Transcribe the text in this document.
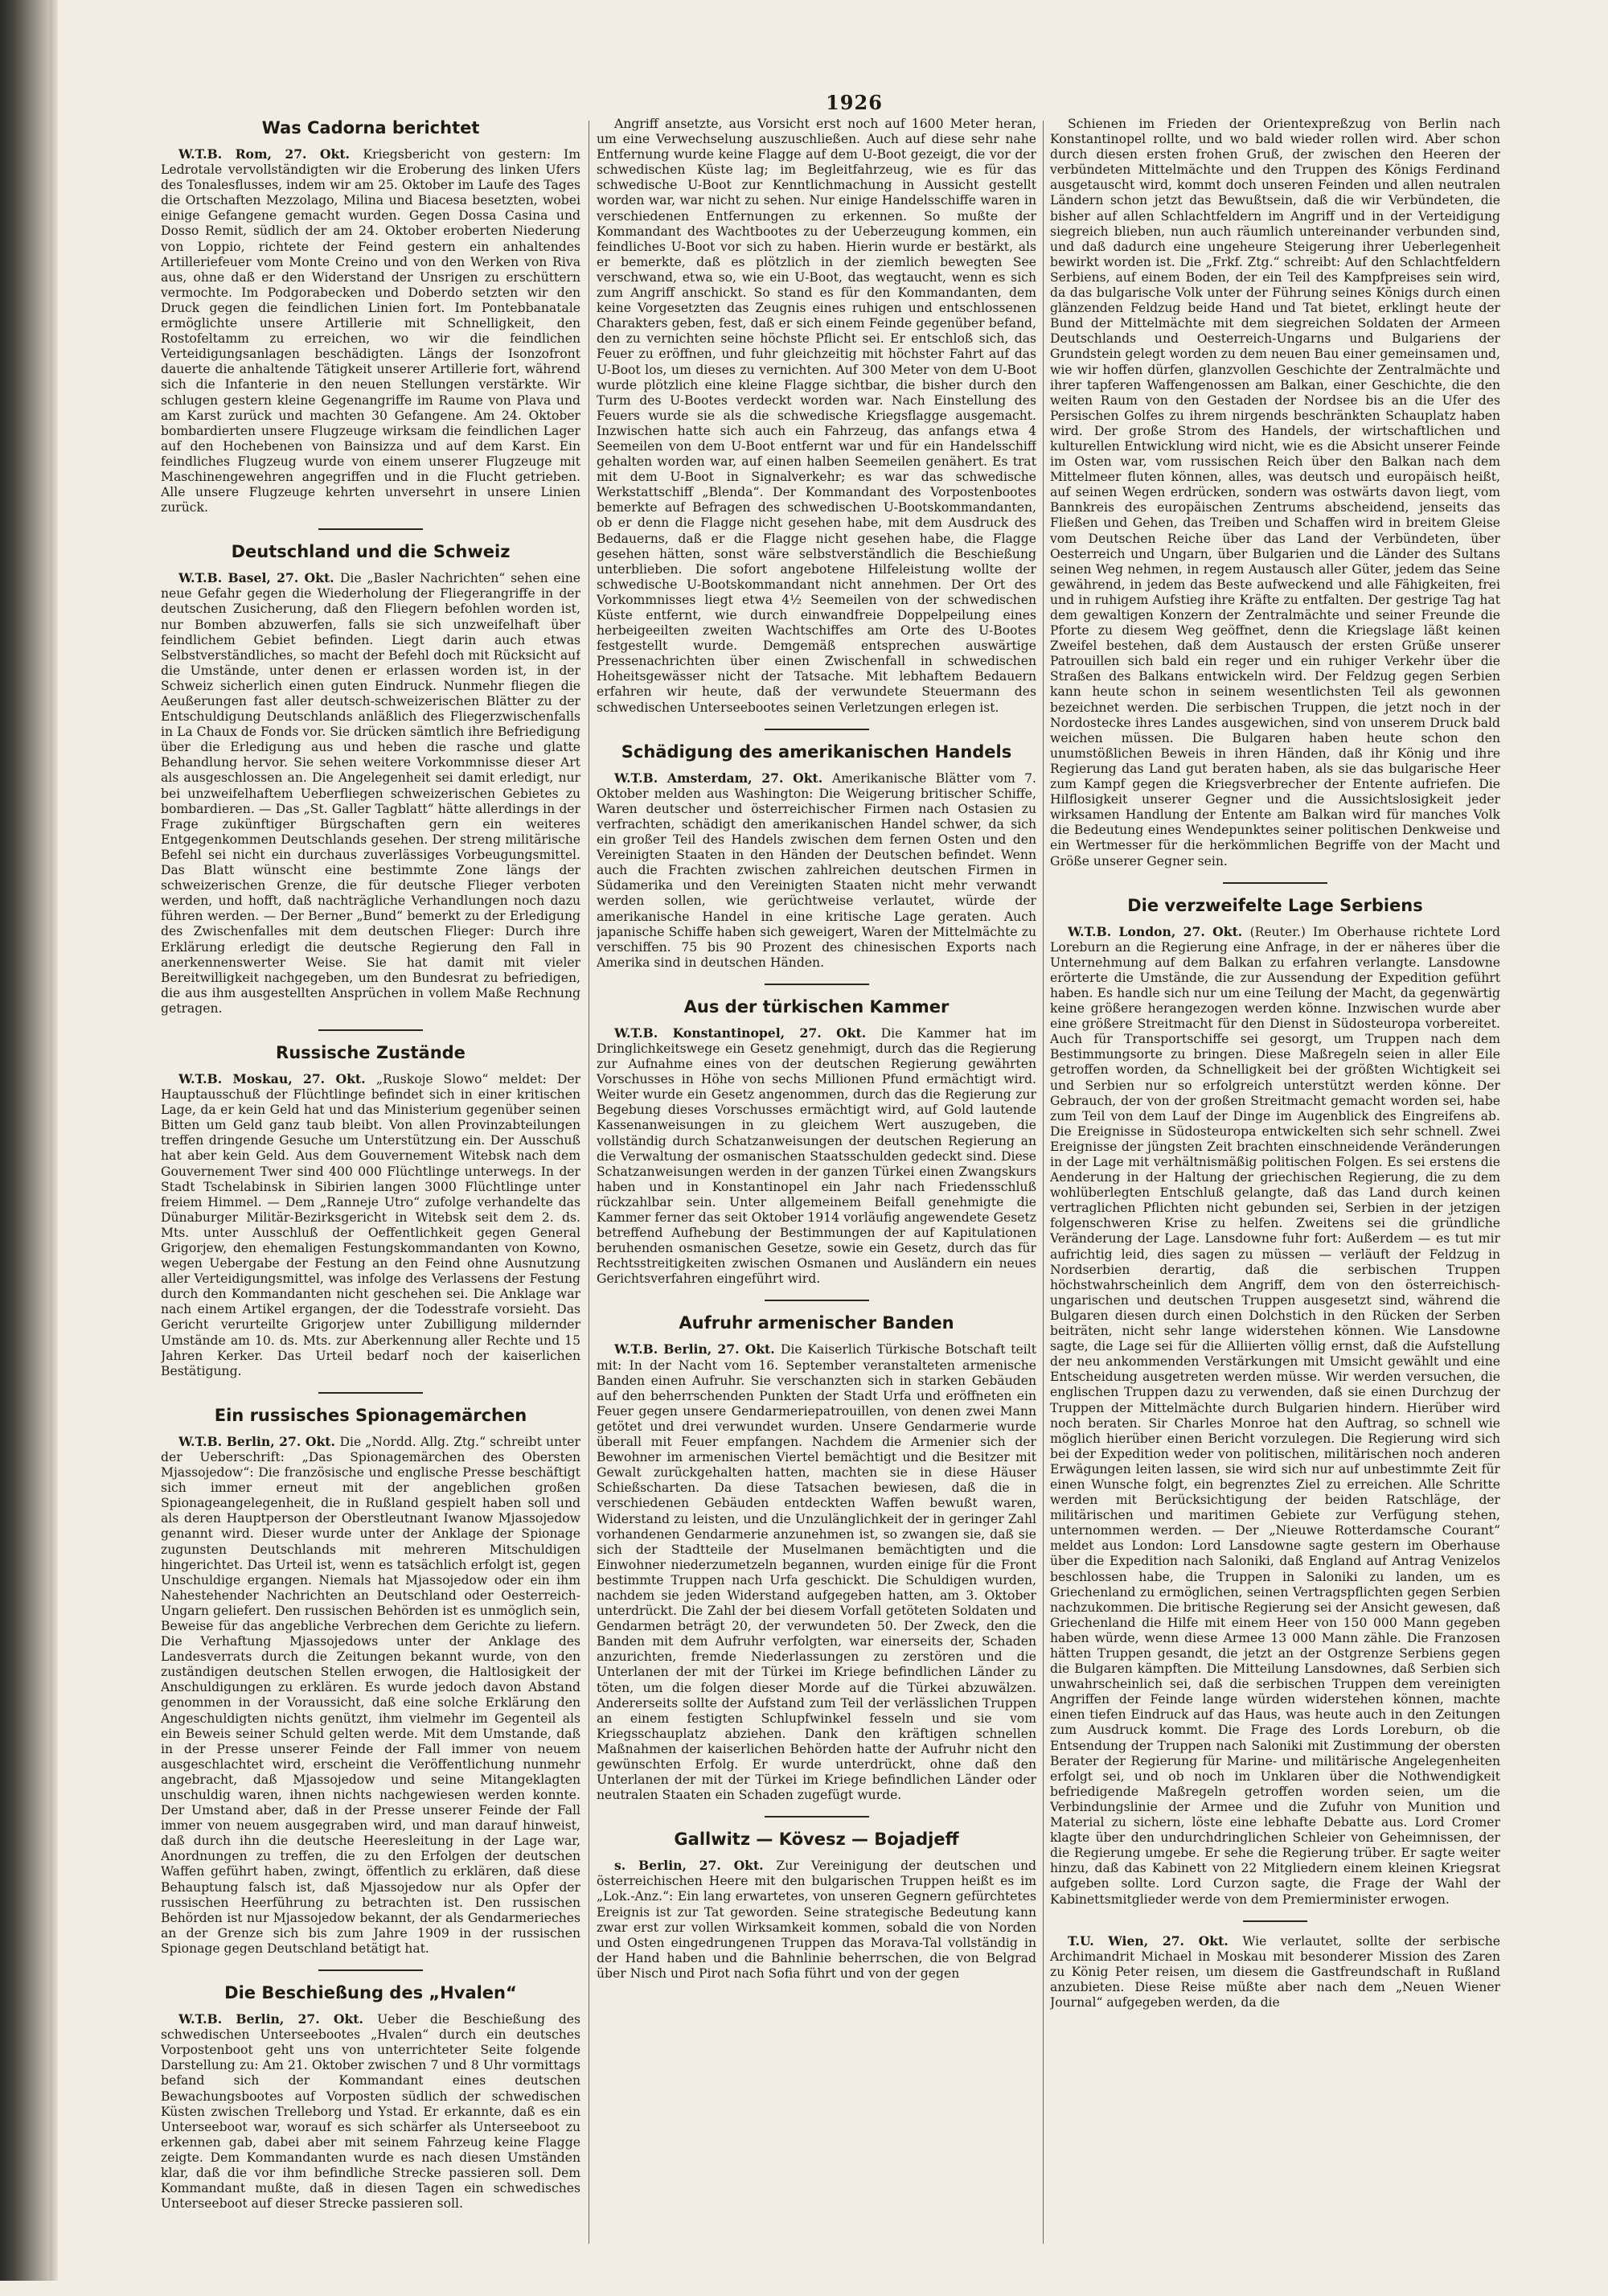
1926
Was Cadorna berichtet
W.T.B. Rom, 27. Okt. Kriegsbericht von gestern: Im Ledrotale vervollständigten wir die Eroberung des linken Ufers des Tonalesflusses, indem wir am 25. Oktober im Laufe des Tages die Ortschaften Mezzolago, Milina und Biacesa besetzten, wobei einige Gefangene gemacht wurden. Gegen Dossa Casina und Dosso Remit, südlich der am 24. Oktober eroberten Niederung von Loppio, richtete der Feind gestern ein anhaltendes Artilleriefeuer vom Monte Creino und von den Werken von Riva aus, ohne daß er den Widerstand der Unsrigen zu erschüttern vermochte. Im Podgorabecken und Doberdo setzten wir den Druck gegen die feindlichen Linien fort. Im Pontebbanatale ermöglichte unsere Artillerie mit Schnelligkeit, den Rostofeltamm zu erreichen, wo wir die feindlichen Verteidigungsanlagen beschädigten. Längs der Isonzofront dauerte die anhaltende Tätigkeit unserer Artillerie fort, während sich die Infanterie in den neuen Stellungen verstärkte. Wir schlugen gestern kleine Gegenangriffe im Raume von Plava und am Karst zurück und machten 30 Gefangene. Am 24. Oktober bombardierten unsere Flugzeuge wirksam die feindlichen Lager auf den Hochebenen von Bainsizza und auf dem Karst. Ein feindliches Flugzeug wurde von einem unserer Flugzeuge mit Maschinengewehren angegriffen und in die Flucht getrieben. Alle unsere Flugzeuge kehrten unversehrt in unsere Linien zurück.
Deutschland und die Schweiz
W.T.B. Basel, 27. Okt. Die „Basler Nachrichten“ sehen eine neue Gefahr gegen die Wiederholung der Fliegerangriffe in der deutschen Zusicherung, daß den Fliegern befohlen worden ist, nur Bomben abzuwerfen, falls sie sich unzweifelhaft über feindlichem Gebiet befinden. Liegt darin auch etwas Selbstverständliches, so macht der Befehl doch mit Rücksicht auf die Umstände, unter denen er erlassen worden ist, in der Schweiz sicherlich einen guten Eindruck. Nunmehr fliegen die Aeußerungen fast aller deutsch-schweizerischen Blätter zu der Entschuldigung Deutschlands anläßlich des Fliegerzwischenfalls in La Chaux de Fonds vor. Sie drücken sämtlich ihre Befriedigung über die Erledigung aus und heben die rasche und glatte Behandlung hervor. Sie sehen weitere Vorkommnisse dieser Art als ausgeschlossen an. Die Angelegenheit sei damit erledigt, nur bei unzweifelhaftem Ueberfliegen schweizerischen Gebietes zu bombardieren. — Das „St. Galler Tagblatt“ hätte allerdings in der Frage zukünftiger Bürgschaften gern ein weiteres Entgegenkommen Deutschlands gesehen. Der streng militärische Befehl sei nicht ein durchaus zuverlässiges Vorbeugungsmittel. Das Blatt wünscht eine bestimmte Zone längs der schweizerischen Grenze, die für deutsche Flieger verboten werden, und hofft, daß nachträgliche Verhandlungen noch dazu führen werden. — Der Berner „Bund“ bemerkt zu der Erledigung des Zwischenfalles mit dem deutschen Flieger: Durch ihre Erklärung erledigt die deutsche Regierung den Fall in anerkennenswerter Weise. Sie hat damit mit vieler Bereitwilligkeit nachgegeben, um den Bundesrat zu befriedigen, die aus ihm ausgestellten Ansprüchen in vollem Maße Rechnung getragen.
Russische Zustände
W.T.B. Moskau, 27. Okt. „Ruskoje Slowo“ meldet: Der Hauptausschuß der Flüchtlinge befindet sich in einer kritischen Lage, da er kein Geld hat und das Ministerium gegenüber seinen Bitten um Geld ganz taub bleibt. Von allen Provinzabteilungen treffen dringende Gesuche um Unterstützung ein. Der Ausschuß hat aber kein Geld. Aus dem Gouvernement Witebsk nach dem Gouvernement Twer sind 400 000 Flüchtlinge unterwegs. In der Stadt Tschelabinsk in Sibirien langen 3000 Flüchtlinge unter freiem Himmel. — Dem „Ranneje Utro“ zufolge verhandelte das Dünaburger Militär-Bezirksgericht in Witebsk seit dem 2. ds. Mts. unter Ausschluß der Oeffentlichkeit gegen General Grigorjew, den ehemaligen Festungskommandanten von Kowno, wegen Uebergabe der Festung an den Feind ohne Ausnutzung aller Verteidigungsmittel, was infolge des Verlassens der Festung durch den Kommandanten nicht geschehen sei. Die Anklage war nach einem Artikel ergangen, der die Todesstrafe vorsieht. Das Gericht verurteilte Grigorjew unter Zubilligung mildernder Umstände am 10. ds. Mts. zur Aberkennung aller Rechte und 15 Jahren Kerker. Das Urteil bedarf noch der kaiserlichen Bestätigung.
Ein russisches Spionagemärchen
W.T.B. Berlin, 27. Okt. Die „Nordd. Allg. Ztg.“ schreibt unter der Ueberschrift: „Das Spionagemärchen des Obersten Mjassojedow“: Die französische und englische Presse beschäftigt sich immer erneut mit der angeblichen großen Spionageangelegenheit, die in Rußland gespielt haben soll und als deren Hauptperson der Oberstleutnant Iwanow Mjassojedow genannt wird. Dieser wurde unter der Anklage der Spionage zugunsten Deutschlands mit mehreren Mitschuldigen hingerichtet. Das Urteil ist, wenn es tatsächlich erfolgt ist, gegen Unschuldige ergangen. Niemals hat Mjassojedow oder ein ihm Nahestehender Nachrichten an Deutschland oder Oesterreich-Ungarn geliefert. Den russischen Behörden ist es unmöglich sein, Beweise für das angebliche Verbrechen dem Gerichte zu liefern. Die Verhaftung Mjassojedows unter der Anklage des Landesverrats durch die Zeitungen bekannt wurde, von den zuständigen deutschen Stellen erwogen, die Haltlosigkeit der Anschuldigungen zu erklären. Es wurde jedoch davon Abstand genommen in der Voraussicht, daß eine solche Erklärung den Angeschuldigten nichts genützt, ihm vielmehr im Gegenteil als ein Beweis seiner Schuld gelten werde. Mit dem Umstande, daß in der Presse unserer Feinde der Fall immer von neuem ausgeschlachtet wird, erscheint die Veröffentlichung nunmehr angebracht, daß Mjassojedow und seine Mitangeklagten unschuldig waren, ihnen nichts nachgewiesen werden konnte. Der Umstand aber, daß in der Presse unserer Feinde der Fall immer von neuem ausgegraben wird, und man darauf hinweist, daß durch ihn die deutsche Heeresleitung in der Lage war, Anordnungen zu treffen, die zu den Erfolgen der deutschen Waffen geführt haben, zwingt, öffentlich zu erklären, daß diese Behauptung falsch ist, daß Mjassojedow nur als Opfer der russischen Heerführung zu betrachten ist. Den russischen Behörden ist nur Mjassojedow bekannt, der als Gendarmerieches an der Grenze sich bis zum Jahre 1909 in der russischen Spionage gegen Deutschland betätigt hat.
Die Beschießung des „Hvalen“
W.T.B. Berlin, 27. Okt. Ueber die Beschießung des schwedischen Unterseebootes „Hvalen“ durch ein deutsches Vorpostenboot geht uns von unterrichteter Seite folgende Darstellung zu: Am 21. Oktober zwischen 7 und 8 Uhr vormittags befand sich der Kommandant eines deutschen Bewachungsbootes auf Vorposten südlich der schwedischen Küsten zwischen Trelleborg und Ystad. Er erkannte, daß es ein Unterseeboot war, worauf es sich schärfer als Unterseeboot zu erkennen gab, dabei aber mit seinem Fahrzeug keine Flagge zeigte. Dem Kommandanten wurde es nach diesen Umständen klar, daß die vor ihm befindliche Strecke passieren soll. Dem Kommandant mußte, daß in diesen Tagen ein schwedisches Unterseeboot auf dieser Strecke passieren soll.
Angriff ansetzte, aus Vorsicht erst noch auf 1600 Meter heran, um eine Verwechselung auszuschließen. Auch auf diese sehr nahe Entfernung wurde keine Flagge auf dem U-Boot gezeigt, die vor der schwedischen Küste lag; im Begleitfahrzeug, wie es für das schwedische U-Boot zur Kenntlichmachung in Aussicht gestellt worden war, war nicht zu sehen. Nur einige Handelsschiffe waren in verschiedenen Entfernungen zu erkennen. So mußte der Kommandant des Wachtbootes zu der Ueberzeugung kommen, ein feindliches U-Boot vor sich zu haben. Hierin wurde er bestärkt, als er bemerkte, daß es plötzlich in der ziemlich bewegten See verschwand, etwa so, wie ein U-Boot, das wegtaucht, wenn es sich zum Angriff anschickt. So stand es für den Kommandanten, dem keine Vorgesetzten das Zeugnis eines ruhigen und entschlossenen Charakters geben, fest, daß er sich einem Feinde gegenüber befand, den zu vernichten seine höchste Pflicht sei. Er entschloß sich, das Feuer zu eröffnen, und fuhr gleichzeitig mit höchster Fahrt auf das U-Boot los, um dieses zu vernichten. Auf 300 Meter von dem U-Boot wurde plötzlich eine kleine Flagge sichtbar, die bisher durch den Turm des U-Bootes verdeckt worden war. Nach Einstellung des Feuers wurde sie als die schwedische Kriegsflagge ausgemacht. Inzwischen hatte sich auch ein Fahrzeug, das anfangs etwa 4 Seemeilen von dem U-Boot entfernt war und für ein Handelsschiff gehalten worden war, auf einen halben Seemeilen genähert. Es trat mit dem U-Boot in Signalverkehr; es war das schwedische Werkstattschiff „Blenda“. Der Kommandant des Vorpostenbootes bemerkte auf Befragen des schwedischen U-Bootskommandanten, ob er denn die Flagge nicht gesehen habe, mit dem Ausdruck des Bedauerns, daß er die Flagge nicht gesehen habe, die Flagge gesehen hätten, sonst wäre selbstverständlich die Beschießung unterblieben. Die sofort angebotene Hilfeleistung wollte der schwedische U-Bootskommandant nicht annehmen. Der Ort des Vorkommnisses liegt etwa 4½ Seemeilen von der schwedischen Küste entfernt, wie durch einwandfreie Doppelpeilung eines herbeigeeilten zweiten Wachtschiffes am Orte des U-Bootes festgestellt wurde. Demgemäß entsprechen auswärtige Pressenachrichten über einen Zwischenfall in schwedischen Hoheitsgewässer nicht der Tatsache. Mit lebhaftem Bedauern erfahren wir heute, daß der verwundete Steuermann des schwedischen Unterseebootes seinen Verletzungen erlegen ist.
Schädigung des amerikanischen Handels
W.T.B. Amsterdam, 27. Okt. Amerikanische Blätter vom 7. Oktober melden aus Washington: Die Weigerung britischer Schiffe, Waren deutscher und österreichischer Firmen nach Ostasien zu verfrachten, schädigt den amerikanischen Handel schwer, da sich ein großer Teil des Handels zwischen dem fernen Osten und den Vereinigten Staaten in den Händen der Deutschen befindet. Wenn auch die Frachten zwischen zahlreichen deutschen Firmen in Südamerika und den Vereinigten Staaten nicht mehr verwandt werden sollen, wie gerüchtweise verlautet, würde der amerikanische Handel in eine kritische Lage geraten. Auch japanische Schiffe haben sich geweigert, Waren der Mittelmächte zu verschiffen. 75 bis 90 Prozent des chinesischen Exports nach Amerika sind in deutschen Händen.
Aus der türkischen Kammer
W.T.B. Konstantinopel, 27. Okt. Die Kammer hat im Dringlichkeitswege ein Gesetz genehmigt, durch das die Regierung zur Aufnahme eines von der deutschen Regierung gewährten Vorschusses in Höhe von sechs Millionen Pfund ermächtigt wird. Weiter wurde ein Gesetz angenommen, durch das die Regierung zur Begebung dieses Vorschusses ermächtigt wird, auf Gold lautende Kassenanweisungen in zu gleichem Wert auszugeben, die vollständig durch Schatzanweisungen der deutschen Regierung an die Verwaltung der osmanischen Staatsschulden gedeckt sind. Diese Schatzanweisungen werden in der ganzen Türkei einen Zwangskurs haben und in Konstantinopel ein Jahr nach Friedensschluß rückzahlbar sein. Unter allgemeinem Beifall genehmigte die Kammer ferner das seit Oktober 1914 vorläufig angewendete Gesetz betreffend Aufhebung der Bestimmungen der auf Kapitulationen beruhenden osmanischen Gesetze, sowie ein Gesetz, durch das für Rechtsstreitigkeiten zwischen Osmanen und Ausländern ein neues Gerichtsverfahren eingeführt wird.
Aufruhr armenischer Banden
W.T.B. Berlin, 27. Okt. Die Kaiserlich Türkische Botschaft teilt mit: In der Nacht vom 16. September veranstalteten armenische Banden einen Aufruhr. Sie verschanzten sich in starken Gebäuden auf den beherrschenden Punkten der Stadt Urfa und eröffneten ein Feuer gegen unsere Gendarmeriepatrouillen, von denen zwei Mann getötet und drei verwundet wurden. Unsere Gendarmerie wurde überall mit Feuer empfangen. Nachdem die Armenier sich der Bewohner im armenischen Viertel bemächtigt und die Besitzer mit Gewalt zurückgehalten hatten, machten sie in diese Häuser Schießscharten. Da diese Tatsachen bewiesen, daß die in verschiedenen Gebäuden entdeckten Waffen bewußt waren, Widerstand zu leisten, und die Unzulänglichkeit der in geringer Zahl vorhandenen Gendarmerie anzunehmen ist, so zwangen sie, daß sie sich der Stadtteile der Muselmanen bemächtigten und die Einwohner niederzumetzeln begannen, wurden einige für die Front bestimmte Truppen nach Urfa geschickt. Die Schuldigen wurden, nachdem sie jeden Widerstand aufgegeben hatten, am 3. Oktober unterdrückt. Die Zahl der bei diesem Vorfall getöteten Soldaten und Gendarmen beträgt 20, der verwundeten 50. Der Zweck, den die Banden mit dem Aufruhr verfolgten, war einerseits der, Schaden anzurichten, fremde Niederlassungen zu zerstören und die Unterlanen der mit der Türkei im Kriege befindlichen Länder zu töten, um die folgen dieser Morde auf die Türkei abzuwälzen. Andererseits sollte der Aufstand zum Teil der verlässlichen Truppen an einem festigten Schlupfwinkel fesseln und sie vom Kriegsschauplatz abziehen. Dank den kräftigen schnellen Maßnahmen der kaiserlichen Behörden hatte der Aufruhr nicht den gewünschten Erfolg. Er wurde unterdrückt, ohne daß den Unterlanen der mit der Türkei im Kriege befindlichen Länder oder neutralen Staaten ein Schaden zugefügt wurde.
Gallwitz — Kövesz — Bojadjeff
s. Berlin, 27. Okt. Zur Vereinigung der deutschen und österreichischen Heere mit den bulgarischen Truppen heißt es im „Lok.-Anz.“: Ein lang erwartetes, von unseren Gegnern gefürchtetes Ereignis ist zur Tat geworden. Seine strategische Bedeutung kann zwar erst zur vollen Wirksamkeit kommen, sobald die von Norden und Osten eingedrungenen Truppen das Morava-Tal vollständig in der Hand haben und die Bahnlinie beherrschen, die von Belgrad über Nisch und Pirot nach Sofia führt und von der gegen
Schienen im Frieden der Orientexpreßzug von Berlin nach Konstantinopel rollte, und wo bald wieder rollen wird. Aber schon durch diesen ersten frohen Gruß, der zwischen den Heeren der verbündeten Mittelmächte und den Truppen des Königs Ferdinand ausgetauscht wird, kommt doch unseren Feinden und allen neutralen Ländern schon jetzt das Bewußtsein, daß die wir Verbündeten, die bisher auf allen Schlachtfeldern im Angriff und in der Verteidigung siegreich blieben, nun auch räumlich untereinander verbunden sind, und daß dadurch eine ungeheure Steigerung ihrer Ueberlegenheit bewirkt worden ist. Die „Frkf. Ztg.“ schreibt: Auf den Schlachtfeldern Serbiens, auf einem Boden, der ein Teil des Kampfpreises sein wird, da das bulgarische Volk unter der Führung seines Königs durch einen glänzenden Feldzug beide Hand und Tat bietet, erklingt heute der Bund der Mittelmächte mit dem siegreichen Soldaten der Armeen Deutschlands und Oesterreich-Ungarns und Bulgariens der Grundstein gelegt worden zu dem neuen Bau einer gemeinsamen und, wie wir hoffen dürfen, glanzvollen Geschichte der Zentralmächte und ihrer tapferen Waffengenossen am Balkan, einer Geschichte, die den weiten Raum von den Gestaden der Nordsee bis an die Ufer des Persischen Golfes zu ihrem nirgends beschränkten Schauplatz haben wird. Der große Strom des Handels, der wirtschaftlichen und kulturellen Entwicklung wird nicht, wie es die Absicht unserer Feinde im Osten war, vom russischen Reich über den Balkan nach dem Mittelmeer fluten können, alles, was deutsch und europäisch heißt, auf seinen Wegen erdrücken, sondern was ostwärts davon liegt, vom Bannkreis des europäischen Zentrums abscheidend, jenseits das Fließen und Gehen, das Treiben und Schaffen wird in breitem Gleise vom Deutschen Reiche über das Land der Verbündeten, über Oesterreich und Ungarn, über Bulgarien und die Länder des Sultans seinen Weg nehmen, in regem Austausch aller Güter, jedem das Seine gewährend, in jedem das Beste aufweckend und alle Fähigkeiten, frei und in ruhigem Aufstieg ihre Kräfte zu entfalten. Der gestrige Tag hat dem gewaltigen Konzern der Zentralmächte und seiner Freunde die Pforte zu diesem Weg geöffnet, denn die Kriegslage läßt keinen Zweifel bestehen, daß dem Austausch der ersten Grüße unserer Patrouillen sich bald ein reger und ein ruhiger Verkehr über die Straßen des Balkans entwickeln wird. Der Feldzug gegen Serbien kann heute schon in seinem wesentlichsten Teil als gewonnen bezeichnet werden. Die serbischen Truppen, die jetzt noch in der Nordostecke ihres Landes ausgewichen, sind von unserem Druck bald weichen müssen. Die Bulgaren haben heute schon den unumstößlichen Beweis in ihren Händen, daß ihr König und ihre Regierung das Land gut beraten haben, als sie das bulgarische Heer zum Kampf gegen die Kriegsverbrecher der Entente aufriefen. Die Hilflosigkeit unserer Gegner und die Aussichtslosigkeit jeder wirksamen Handlung der Entente am Balkan wird für manches Volk die Bedeutung eines Wendepunktes seiner politischen Denkweise und ein Wertmesser für die herkömmlichen Begriffe von der Macht und Größe unserer Gegner sein.
Die verzweifelte Lage Serbiens
W.T.B. London, 27. Okt. (Reuter.) Im Oberhause richtete Lord Loreburn an die Regierung eine Anfrage, in der er näheres über die Unternehmung auf dem Balkan zu erfahren verlangte. Lansdowne erörterte die Umstände, die zur Aussendung der Expedition geführt haben. Es handle sich nur um eine Teilung der Macht, da gegenwärtig keine größere herangezogen werden könne. Inzwischen wurde aber eine größere Streitmacht für den Dienst in Südosteuropa vorbereitet. Auch für Transportschiffe sei gesorgt, um Truppen nach dem Bestimmungsorte zu bringen. Diese Maßregeln seien in aller Eile getroffen worden, da Schnelligkeit bei der größten Wichtigkeit sei und Serbien nur so erfolgreich unterstützt werden könne. Der Gebrauch, der von der großen Streitmacht gemacht worden sei, habe zum Teil von dem Lauf der Dinge im Augenblick des Eingreifens ab. Die Ereignisse in Südosteuropa entwickelten sich sehr schnell. Zwei Ereignisse der jüngsten Zeit brachten einschneidende Veränderungen in der Lage mit verhältnismäßig politischen Folgen. Es sei erstens die Aenderung in der Haltung der griechischen Regierung, die zu dem wohlüberlegten Entschluß gelangte, daß das Land durch keinen vertraglichen Pflichten nicht gebunden sei, Serbien in der jetzigen folgenschweren Krise zu helfen. Zweitens sei die gründliche Veränderung der Lage. Lansdowne fuhr fort: Außerdem — es tut mir aufrichtig leid, dies sagen zu müssen — verläuft der Feldzug in Nordserbien derartig, daß die serbischen Truppen höchstwahrscheinlich dem Angriff, dem von den österreichisch-ungarischen und deutschen Truppen ausgesetzt sind, während die Bulgaren diesen durch einen Dolchstich in den Rücken der Serben beiträten, nicht sehr lange widerstehen können. Wie Lansdowne sagte, die Lage sei für die Alliierten völlig ernst, daß die Aufstellung der neu ankommenden Verstärkungen mit Umsicht gewählt und eine Entscheidung ausgetreten werden müsse. Wir werden versuchen, die englischen Truppen dazu zu verwenden, daß sie einen Durchzug der Truppen der Mittelmächte durch Bulgarien hindern. Hierüber wird noch beraten. Sir Charles Monroe hat den Auftrag, so schnell wie möglich hierüber einen Bericht vorzulegen. Die Regierung wird sich bei der Expedition weder von politischen, militärischen noch anderen Erwägungen leiten lassen, sie wird sich nur auf unbestimmte Zeit für einen Wunsche folgt, ein begrenztes Ziel zu erreichen. Alle Schritte werden mit Berücksichtigung der beiden Ratschläge, der militärischen und maritimen Gebiete zur Verfügung stehen, unternommen werden. — Der „Nieuwe Rotterdamsche Courant“ meldet aus London: Lord Lansdowne sagte gestern im Oberhause über die Expedition nach Saloniki, daß England auf Antrag Venizelos beschlossen habe, die Truppen in Saloniki zu landen, um es Griechenland zu ermöglichen, seinen Vertragspflichten gegen Serbien nachzukommen. Die britische Regierung sei der Ansicht gewesen, daß Griechenland die Hilfe mit einem Heer von 150 000 Mann gegeben haben würde, wenn diese Armee 13 000 Mann zähle. Die Franzosen hätten Truppen gesandt, die jetzt an der Ostgrenze Serbiens gegen die Bulgaren kämpften. Die Mitteilung Lansdownes, daß Serbien sich unwahrscheinlich sei, daß die serbischen Truppen dem vereinigten Angriffen der Feinde lange würden widerstehen können, machte einen tiefen Eindruck auf das Haus, was heute auch in den Zeitungen zum Ausdruck kommt. Die Frage des Lords Loreburn, ob die Entsendung der Truppen nach Saloniki mit Zustimmung der obersten Berater der Regierung für Marine- und militärische Angelegenheiten erfolgt sei, und ob noch im Unklaren über die Nothwendigkeit befriedigende Maßregeln getroffen worden seien, um die Verbindungslinie der Armee und die Zufuhr von Munition und Material zu sichern, löste eine lebhafte Debatte aus. Lord Cromer klagte über den undurchdringlichen Schleier von Geheimnissen, der die Regierung umgebe. Er sehe die Regierung trüber. Er sagte weiter hinzu, daß das Kabinett von 22 Mitgliedern einem kleinen Kriegsrat aufgeben sollte. Lord Curzon sagte, die Frage der Wahl der Kabinettsmitglieder werde von dem Premierminister erwogen.
T.U. Wien, 27. Okt. Wie verlautet, sollte der serbische Archimandrit Michael in Moskau mit besonderer Mission des Zaren zu König Peter reisen, um diesem die Gastfreundschaft in Rußland anzubieten. Diese Reise müßte aber nach dem „Neuen Wiener Journal“ aufgegeben werden, da die
